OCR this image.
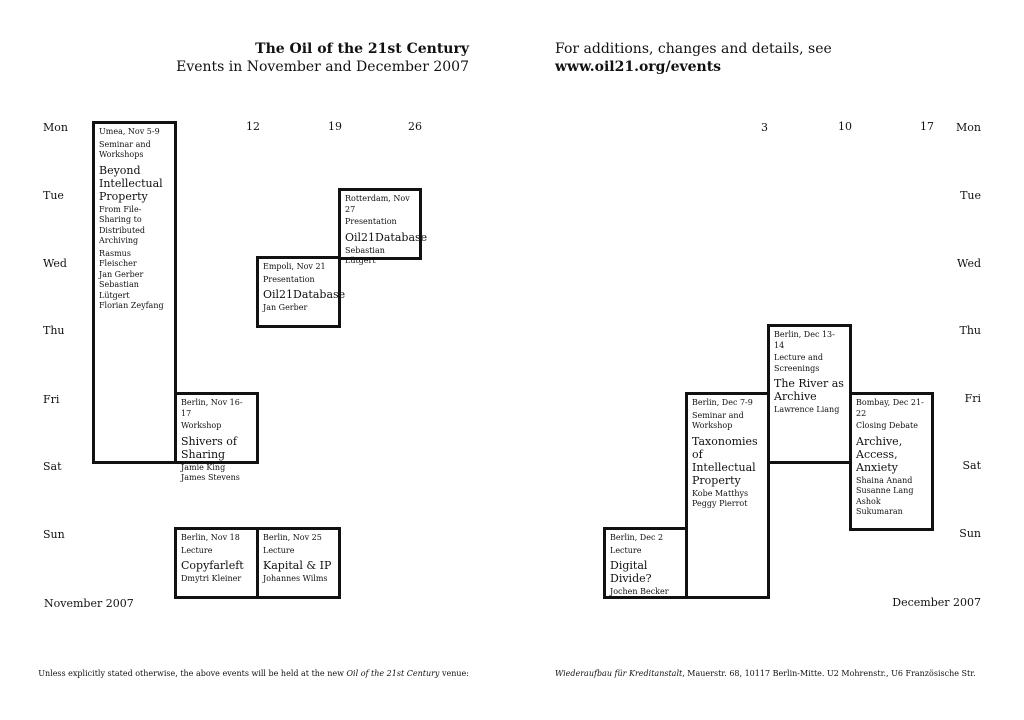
The Oil of the 21st Century
Events in November and December 2007
For additions, changes and details, see
www.oil21.org/events
Mon
Tue
Wed
Thu
Fri
Sat
Sun
Mon
Tue
Wed
Thu
Fri
Sat
Sun
12	19	26	3	10	17
November 2007	December 2007
Umea, Nov 5-9
Seminar and Workshops
Beyond Intellectual Property
From File-Sharing to Distributed Archiving
Rasmus Fleischer
Jan Gerber
Sebastian Lütgert
Florian Zeyfang
Berlin, Nov 16-17
Workshop
Shivers of Sharing
Jamie King
James Stevens
Berlin, Nov 18
Lecture
Copyfarleft
Dmytri Kleiner
Empoli, Nov 21
Presentation
Oil21Database
Jan Gerber
Berlin, Nov 25
Lecture
Kapital & IP
Johannes Wilms
Rotterdam, Nov 27
Presentation
Oil21Database
Sebastian Lütgert
Berlin, Dec 2
Lecture
Digital Divide?
Jochen Becker
Berlin, Dec 7-9
Seminar and Workshop
Taxonomies of Intellectual Property
Kobe Matthys
Peggy Pierrot
Berlin, Dec 13-14
Lecture and Screenings
The River as Archive
Lawrence Liang
Bombay, Dec 21-22
Closing Debate
Archive, Access, Anxiety
Shaina Anand
Susanne Lang
Ashok Sukumaran
Unless explicitly stated otherwise, the above events will be held at the new Oil of the 21st Century venue:	Wiederaufbau für Kreditanstalt, Mauerstr. 68, 10117 Berlin-Mitte. U2 Mohrenstr., U6 Französische Str.
